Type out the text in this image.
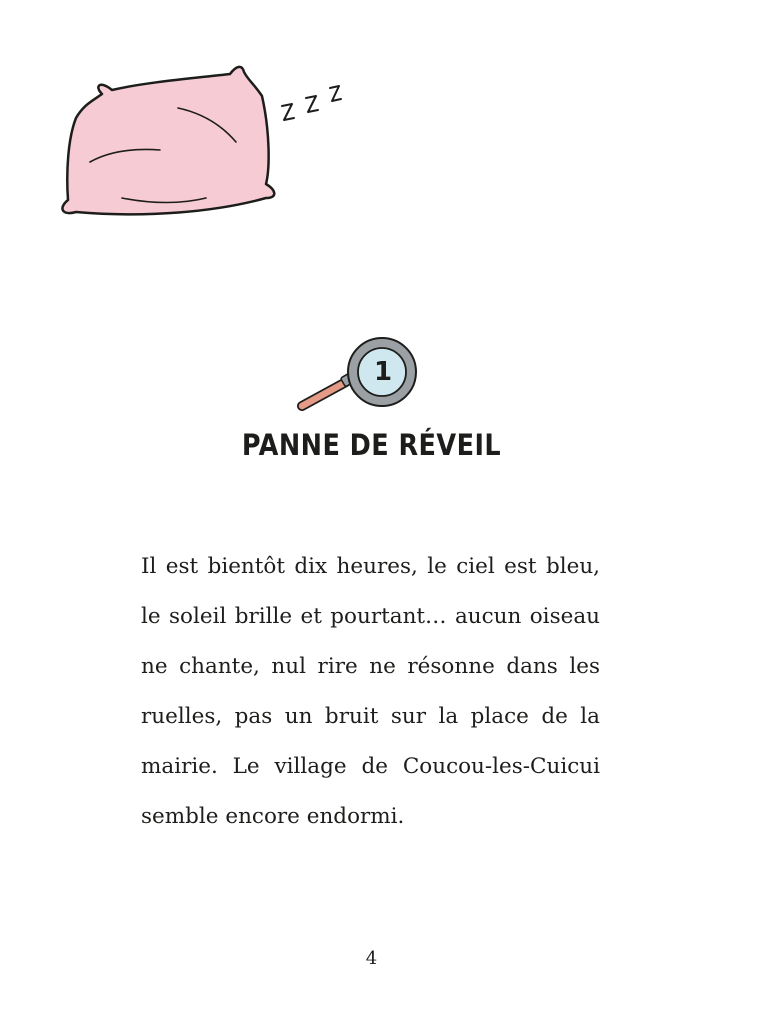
1
PANNE DE RÉVEIL

Il est bientôt dix heures, le ciel est bleu, le soleil brille et pourtant… aucun oiseau ne chante, nul rire ne résonne dans les ruelles, pas un bruit sur la place de la mairie. Le village de Coucou-les-Cuicui semble encore endormi.

4
